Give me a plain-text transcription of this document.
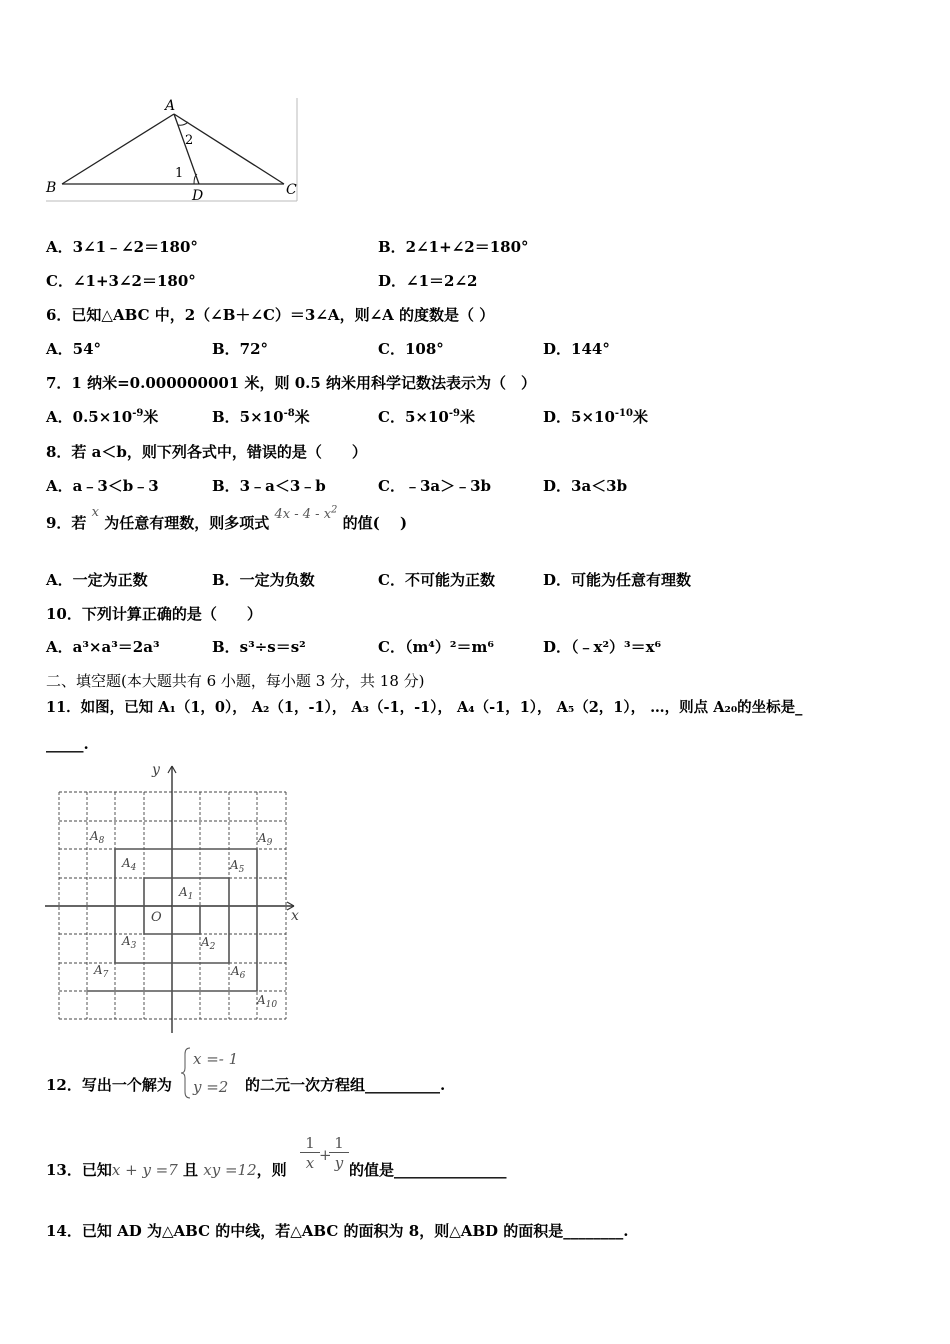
A
B	C
D
1
2
A．3∠1﹣∠2＝180°	B．2∠1+∠2＝180°
C．∠1+3∠2＝180°	D．∠1＝2∠2
6．已知△ABC 中，2（∠B＋∠C）＝3∠A，则∠A 的度数是（ ）
A．54°	B．72°	C．108°	D．144°
7．1 纳米=0.000000001 米，则 0.5 纳米用科学记数法表示为（　）
A．$0.5\times 10^{-9}$米	B．$5\times 10^{-8}$米	C．$5\times 10^{-9}$米	D．$5\times 10^{-10}$米
8．若 a＜b，则下列各式中，错误的是（　　）
A．a﹣3＜b﹣3	B．3﹣a＜3﹣b	C．﹣3a＞﹣3b	D．3a＜3b
9．若 x 为任意有理数，则多项式 $4x - 4 - x^2$ 的值(　 )
A．一定为正数	B．一定为负数	C．不可能为正数	D．可能为任意有理数
10．下列计算正确的是（　　）
A．a³×a³＝2a³	B．s³÷s＝s²	C．（m⁴）²＝m⁶	D．（﹣x²）³＝x⁶
二、填空题(本大题共有 6 小题，每小题 3 分，共 18 分)
11．如图，已知 A₁（1，0）， A₂（1，-1）， A₃（-1，-1）， A₄（-1，1）， A₅（2，1）， …，则点 A₂₀的坐标是_
_____.
x
y
O
$A_1$
$A_2$
$A_3$
$A_4$	$A_5$
$A_6$
$A_7$
$A_8$	$A_9$
$A_{10}$
12．写出一个解为
x =- 1
y =2 的二元一次方程组__________.
13．已知x + y =7 且 xy =12，则
1
x +
1
y 的值是_______________
14．已知 AD 为△ABC 的中线，若△ABC 的面积为 8，则△ABD 的面积是________.
